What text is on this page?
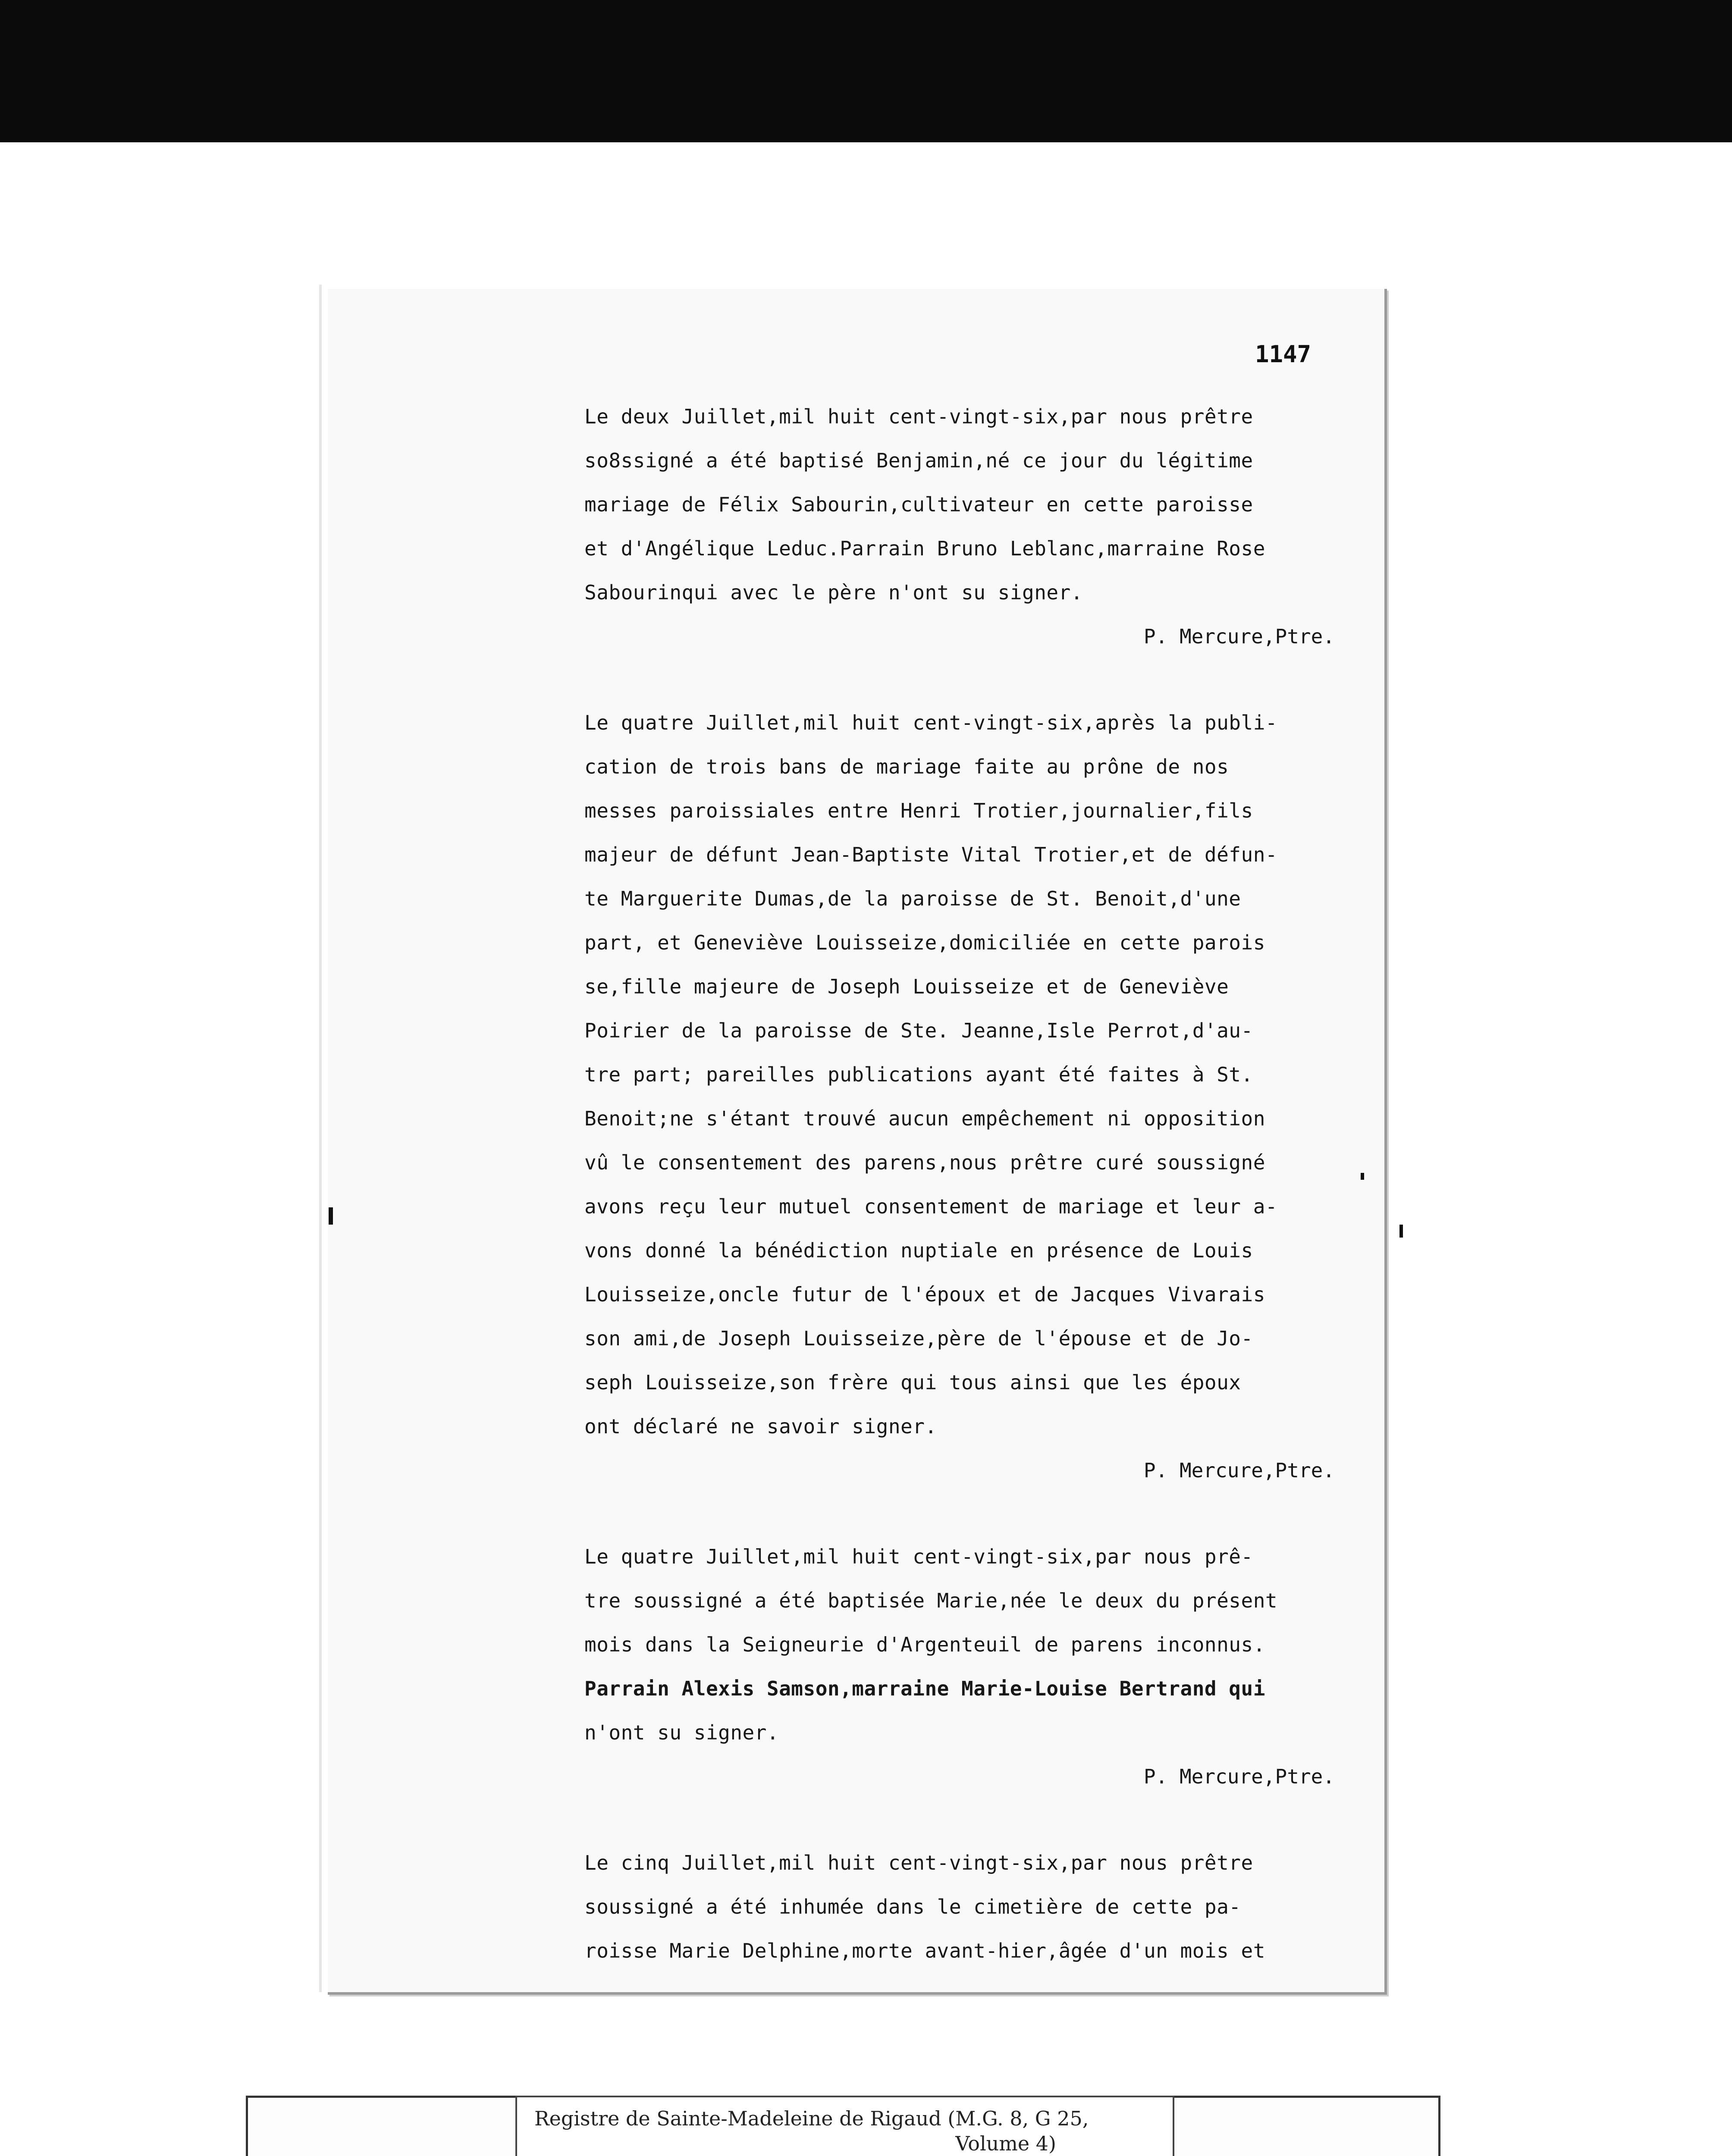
1147
Le deux Juillet,mil huit cent-vingt-six,par nous prêtre
so8ssigné a été baptisé Benjamin,né ce jour du légitime
mariage de Félix Sabourin,cultivateur en cette paroisse
et d'Angélique Leduc.Parrain Bruno Leblanc,marraine Rose
Sabourinqui avec le père n'ont su signer.
P. Mercure,Ptre.
Le quatre Juillet,mil huit cent-vingt-six,après la publi-
cation de trois bans de mariage faite au prône de nos
messes paroissiales entre Henri Trotier,journalier,fils
majeur de défunt Jean-Baptiste Vital Trotier,et de défun-
te Marguerite Dumas,de la paroisse de St. Benoit,d'une
part, et Geneviève Louisseize,domiciliée en cette parois
se,fille majeure de Joseph Louisseize et de Geneviève
Poirier de la paroisse de Ste. Jeanne,Isle Perrot,d'au-
tre part; pareilles publications ayant été faites à St.
Benoit;ne s'étant trouvé aucun empêchement ni opposition
vû le consentement des parens,nous prêtre curé soussigné
avons reçu leur mutuel consentement de mariage et leur a-
vons donné la bénédiction nuptiale en présence de Louis
Louisseize,oncle futur de l'époux et de Jacques Vivarais
son ami,de Joseph Louisseize,père de l'épouse et de Jo-
seph Louisseize,son frère qui tous ainsi que les époux
ont déclaré ne savoir signer.
P. Mercure,Ptre.
Le quatre Juillet,mil huit cent-vingt-six,par nous prê-
tre soussigné a été baptisée Marie,née le deux du présent
mois dans la Seigneurie d'Argenteuil de parens inconnus.
Parrain Alexis Samson,marraine Marie-Louise Bertrand qui
n'ont su signer.
P. Mercure,Ptre.
Le cinq Juillet,mil huit cent-vingt-six,par nous prêtre
soussigné a été inhumée dans le cimetière de cette pa-
roisse Marie Delphine,morte avant-hier,âgée d'un mois et
Registre de Sainte-Madeleine de Rigaud (M.G. 8, G 25,
Volume 4)
